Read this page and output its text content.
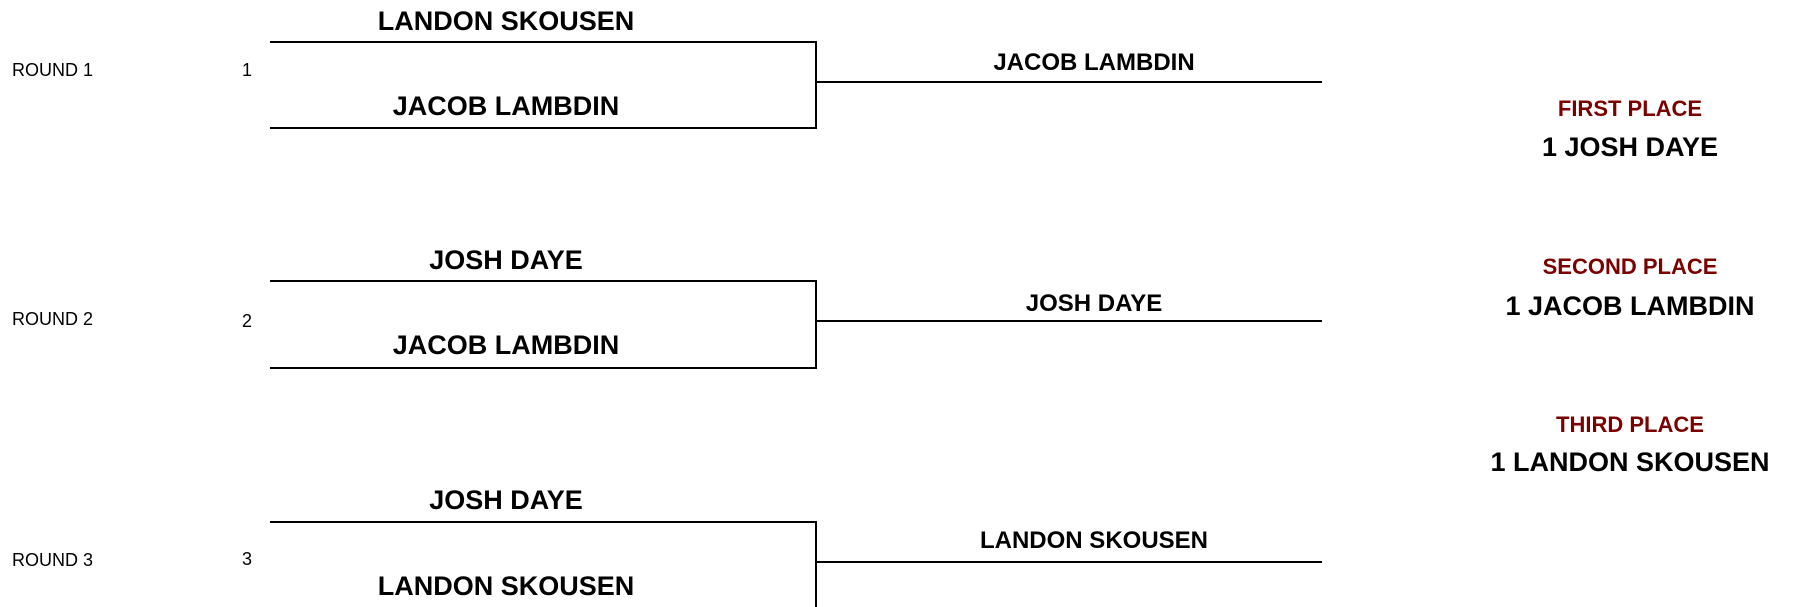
ROUND 1	1
LANDON SKOUSEN
JACOB LAMBDIN
JACOB LAMBDIN
ROUND 2	2
JOSH DAYE
JACOB LAMBDIN
JOSH DAYE
ROUND 3	3
JOSH DAYE
LANDON SKOUSEN
LANDON SKOUSEN
FIRST PLACE
1 JOSH DAYE
SECOND PLACE
1 JACOB LAMBDIN
THIRD PLACE
1 LANDON SKOUSEN
